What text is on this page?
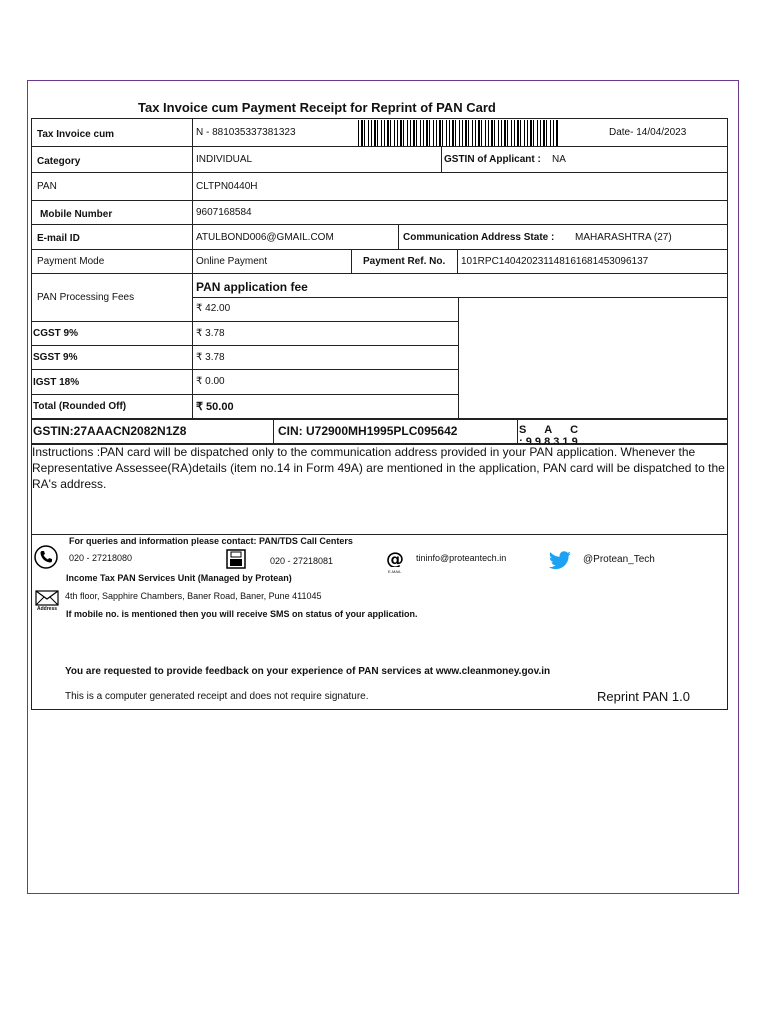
Tax Invoice cum Payment Receipt for Reprint of PAN Card
Tax Invoice cum	N - 881035337381323	Date- 14/04/2023
Category	INDIVIDUAL	GSTIN of Applicant : NA
PAN	CLTPN0440H
Mobile Number	9607168584
E-mail ID	ATULBOND006@GMAIL.COM	Communication Address State : MAHARASHTRA (27)
Payment Mode	Online Payment	Payment Ref. No. 101RPC140420231148161681453096137
PAN Processing Fees
PAN application fee
₹ 42.00
CGST 9%	₹ 3.78
SGST 9%	₹ 3.78
IGST 18%	₹ 0.00
Total (Rounded Off)	₹ 50.00
GSTIN:27AAACN2082N1Z8	CIN: U72900MH1995PLC095642	S      A      C
: 9 9 8 3 1 9
Instructions :PAN card will be dispatched only to the communication address provided in your PAN application. Whenever the Representative Assessee(RA)details (item no.14 in Form 49A) are mentioned in the application, PAN card will be dispatched to the RA's address.
For queries and information please contact: PAN/TDS Call Centers
020 - 27218080	020 - 27218081	@
E-MAIL
tininfo@proteantech.in	@Protean_Tech
Income Tax PAN Services Unit (Managed by Protean)
Address
4th floor, Sapphire Chambers, Baner Road, Baner, Pune 411045
If mobile no. is mentioned then you will receive SMS on status of your application.
You are requested to provide feedback on your experience of PAN services at www.cleanmoney.gov.in
This is a computer generated receipt and does not require signature.	Reprint PAN 1.0
